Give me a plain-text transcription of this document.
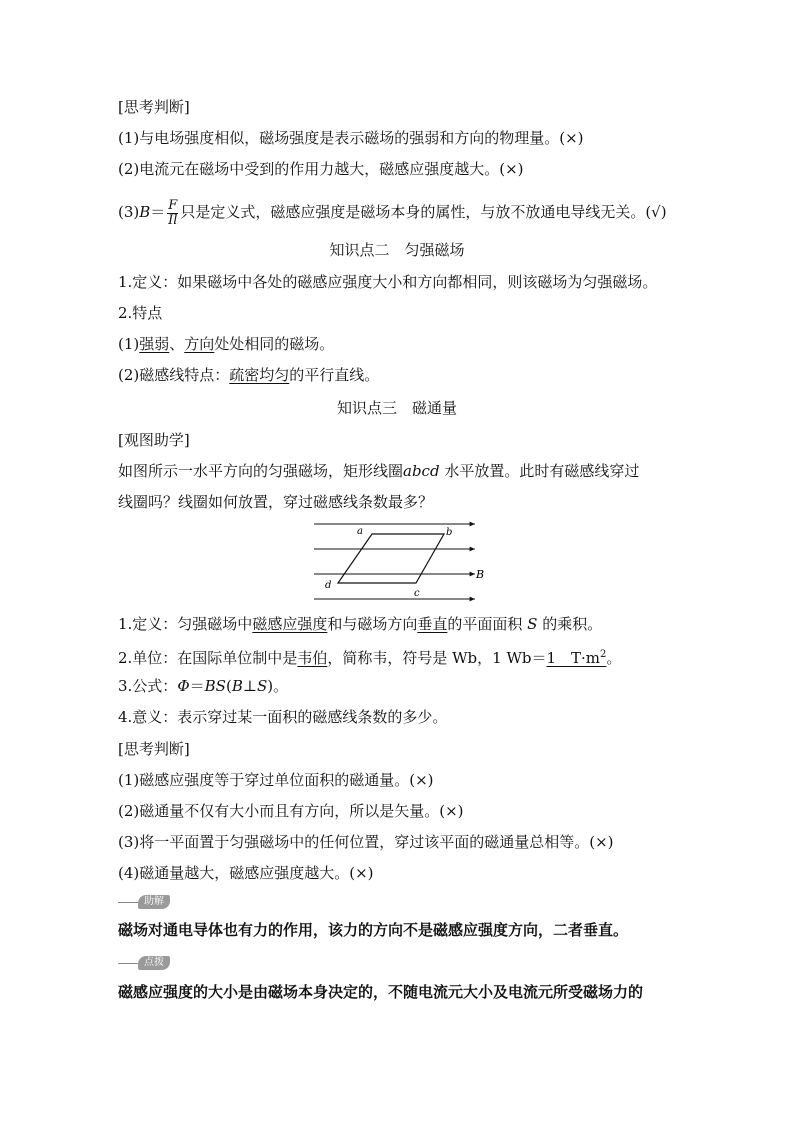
[思考判断]
(1)与电场强度相似，磁场强度是表示磁场的强弱和方向的物理量。(×)
(2)电流元在磁场中受到的作用力越大，磁感应强度越大。(×)
$(3)B= \frac{F}{Il}$ 只是定义式，磁感应强度是磁场本身的属性，与放不放通电导线无关。(√)
知识点二　匀强磁场
1.定义：如果磁场中各处的磁感应强度大小和方向都相同，则该磁场为匀强磁场。
2.特点
(1)强弱、方向处处相同的磁场。
(2)磁感线特点：疏密均匀的平行直线。
知识点三　磁通量
[观图助学]
如图所示一水平方向的匀强磁场，矩形线圈abcd 水平放置。此时有磁感线穿过
线圈吗？线圈如何放置，穿过磁感线条数最多？
a	b
c
d
B
1.定义：匀强磁场中磁感应强度和与磁场方向垂直的平面面积 S 的乘积。
2.单位：在国际单位制中是韦伯，简称韦，符号是 Wb，1 Wb＝1　$T\cdot m^2$。
3.公式：Φ＝BS(B⊥S)。
4.意义：表示穿过某一面积的磁感线条数的多少。
[思考判断]
(1)磁感应强度等于穿过单位面积的磁通量。(×)
(2)磁通量不仅有大小而且有方向，所以是矢量。(×)
(3)将一平面置于匀强磁场中的任何位置，穿过该平面的磁通量总相等。(×)
(4)磁通量越大，磁感应强度越大。(×)
助解
磁场对通电导体也有力的作用，该力的方向不是磁感应强度方向，二者垂直。
点拨
磁感应强度的大小是由磁场本身决定的，不随电流元大小及电流元所受磁场力的
